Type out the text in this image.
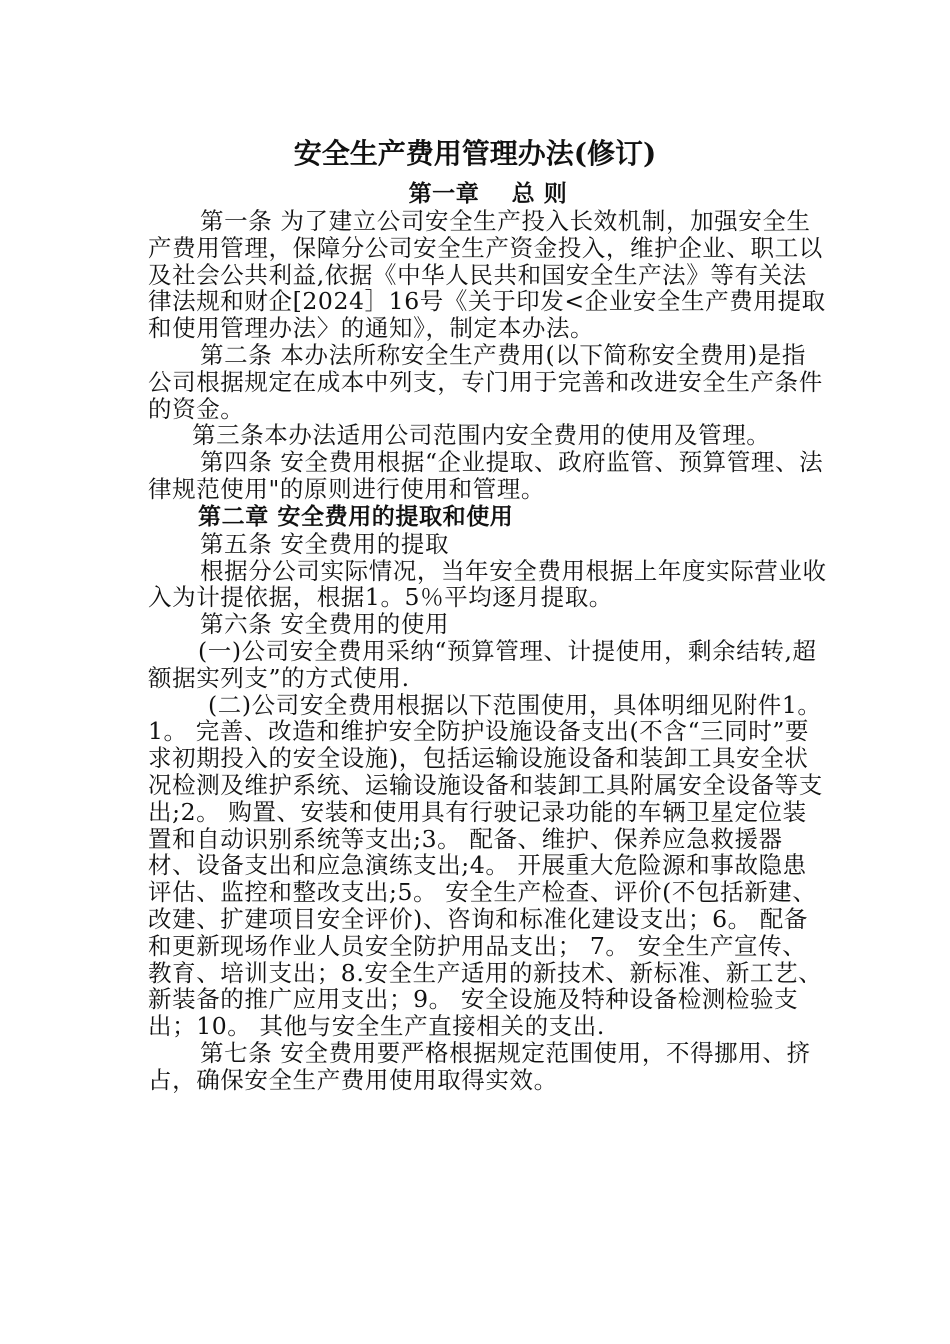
安全生产费用管理办法(修订)
第一章　 总 则

第一条 为了建立公司安全生产投入长效机制，加强安全生产费用管理，保障分公司安全生产资金投入，维护企业、职工以及社会公共利益,依据《中华人民共和国安全生产法》等有关法律法规和财企[2024］16号《关于印发<企业安全生产费用提取和使用管理办法〉的通知》，制定本办法。

第二条 本办法所称安全生产费用(以下简称安全费用)是指公司根据规定在成本中列支，专门用于完善和改进安全生产条件的资金。

第三条本办法适用公司范围内安全费用的使用及管理。

第四条 安全费用根据“企业提取、政府监管、预算管理、法律规范使用"的原则进行使用和管理。

第二章 安全费用的提取和使用

第五条 安全费用的提取

根据分公司实际情况，当年安全费用根据上年度实际营业收入为计提依据，根据1。5％平均逐月提取。

第六条 安全费用的使用

(一)公司安全费用采纳“预算管理、计提使用，剩余结转,超额据实列支”的方式使用.

(二)公司安全费用根据以下范围使用，具体明细见附件1。1。 完善、改造和维护安全防护设施设备支出(不含“三同时”要求初期投入的安全设施)，包括运输设施设备和装卸工具安全状况检测及维护系统、运输设施设备和装卸工具附属安全设备等支出;2。 购置、安装和使用具有行驶记录功能的车辆卫星定位装置和自动识别系统等支出;3。 配备、维护、保养应急救援器材、设备支出和应急演练支出;4。 开展重大危险源和事故隐患评估、监控和整改支出;5。 安全生产检查、评价(不包括新建、改建、扩建项目安全评价)、咨询和标准化建设支出；6。 配备和更新现场作业人员安全防护用品支出； 7。 安全生产宣传、教育、培训支出；8.安全生产适用的新技术、新标准、新工艺、新装备的推广应用支出；9。 安全设施及特种设备检测检验支出；10。 其他与安全生产直接相关的支出.

第七条 安全费用要严格根据规定范围使用，不得挪用、挤占，确保安全生产费用使用取得实效。
